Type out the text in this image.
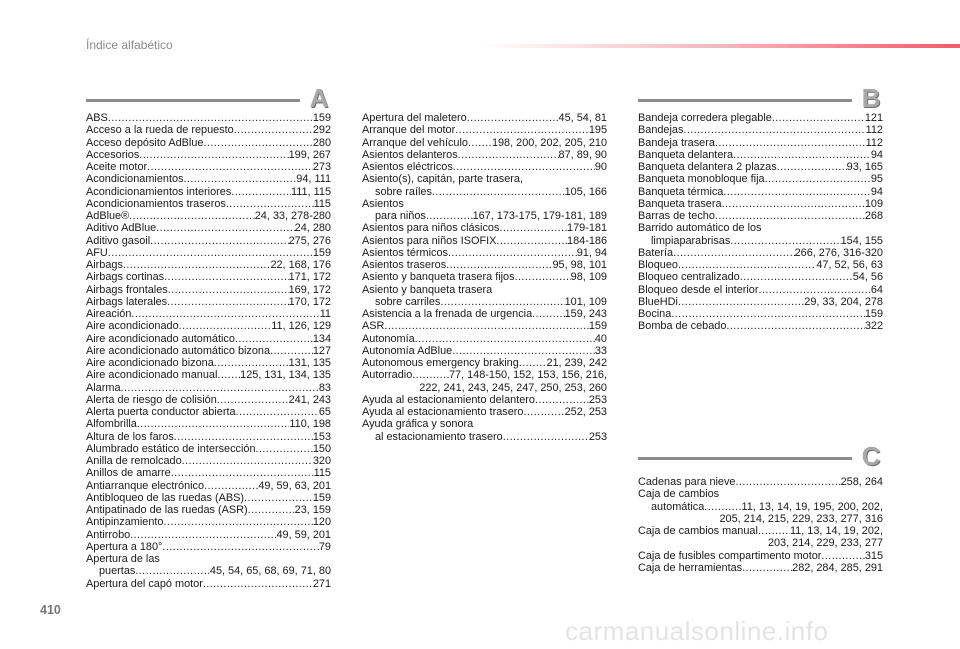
Índice alfabético
A	B
C
ABS .....	159
Acceso a la rueda de repuesto .....	292
Acceso depósito AdBlue .....	280
Accesorios .....	199, 267
Aceite motor .....	273
Acondicionamientos .....	94, 111
Acondicionamientos interiores .....	111, 115
Acondicionamientos traseros .....	115
AdBlue® .....	24, 33, 278-280
Aditivo AdBlue .....	24, 280
Aditivo gasoil .....	275, 276
AFU .....	159
Airbags .....	22, 168, 176
Airbags cortinas .....	171, 172
Airbags frontales .....	169, 172
Airbags laterales .....	170, 172
Aireación .....	11
Aire acondicionado .....	11, 126, 129
Aire acondicionado automático .....	134
Aire acondicionado automático bizona .....	127
Aire acondicionado bizona .....	131, 135
Aire acondicionado manual ..... 125, 131, 134, 135
Alarma .....	83
Alerta de riesgo de colisión .....	241, 243
Alerta puerta conductor abierta .....	65
Alfombrilla .....	110, 198
Altura de los faros .....	153
Alumbrado estático de intersección .....	150
Anilla de remolcado .....	320
Anillos de amarre .....	115
Antiarranque electrónico .....	49, 59, 63, 201
Antibloqueo de las ruedas (ABS) .....	159
Antipatinado de las ruedas (ASR) .....	23, 159
Antipinzamiento .....	120
Antirrobo .....	49, 59, 201
Apertura a 180° .....	79
Apertura de las
puertas .....	45, 54, 65, 68, 69, 71, 80
Apertura del capó motor .....	271
Apertura del maletero .....	45, 54, 81
Arranque del motor .....	195
Arranque del vehículo ..... 198, 200, 202, 205, 210
Asientos delanteros .....	87, 89, 90
Asientos eléctricos .....	90
Asiento(s), capitán, parte trasera,
sobre raíles .....	105, 166
Asientos
para niños .....	167, 173-175, 179-181, 189
Asientos para niños clásicos .....	179-181
Asientos para niños ISOFIX .....	184-186
Asientos térmicos .....	91, 94
Asientos traseros .....	95, 98, 101
Asiento y banqueta trasera fijos .....	98, 109
Asiento y banqueta trasera
sobre carriles .....	101, 109
Asistencia a la frenada de urgencia .....	159, 243
ASR .....	159
Autonomía .....	40
Autonomía AdBlue .....	33
Autonomous emergency braking .....	21, 239, 242
Autorradio .....	77, 148-150, 152, 153, 156, 216,
222, 241, 243, 245, 247, 250, 253, 260
Ayuda al estacionamiento delantero .....	253
Ayuda al estacionamiento trasero .....	252, 253
Ayuda gráfica y sonora
al estacionamiento trasero .....	253
Bandeja corredera plegable .....	121
Bandejas .....	112
Bandeja trasera .....	112
Banqueta delantera .....	94
Banqueta delantera 2 plazas .....	93, 165
Banqueta monobloque fija .....	95
Banqueta térmica .....	94
Banqueta trasera .....	109
Barras de techo .....	268
Barrido automático de los
limpiaparabrisas .....	154, 155
Batería .....	266, 276, 316-320
Bloqueo .....	47, 52, 56, 63
Bloqueo centralizado .....	54, 56
Bloqueo desde el interior .....	64
BlueHDi .....	29, 33, 204, 278
Bocina .....	159
Bomba de cebado .....	322
Cadenas para nieve .....	258, 264
Caja de cambios
automática .....	11, 13, 14, 19, 195, 200, 202,
205, 214, 215, 229, 233, 277, 316
Caja de cambios manual .....	11, 13, 14, 19, 202,
203, 214, 229, 233, 277
Caja de fusibles compartimento motor .....	315
Caja de herramientas .....	282, 284, 285, 291
410
carmanualsonline.info
